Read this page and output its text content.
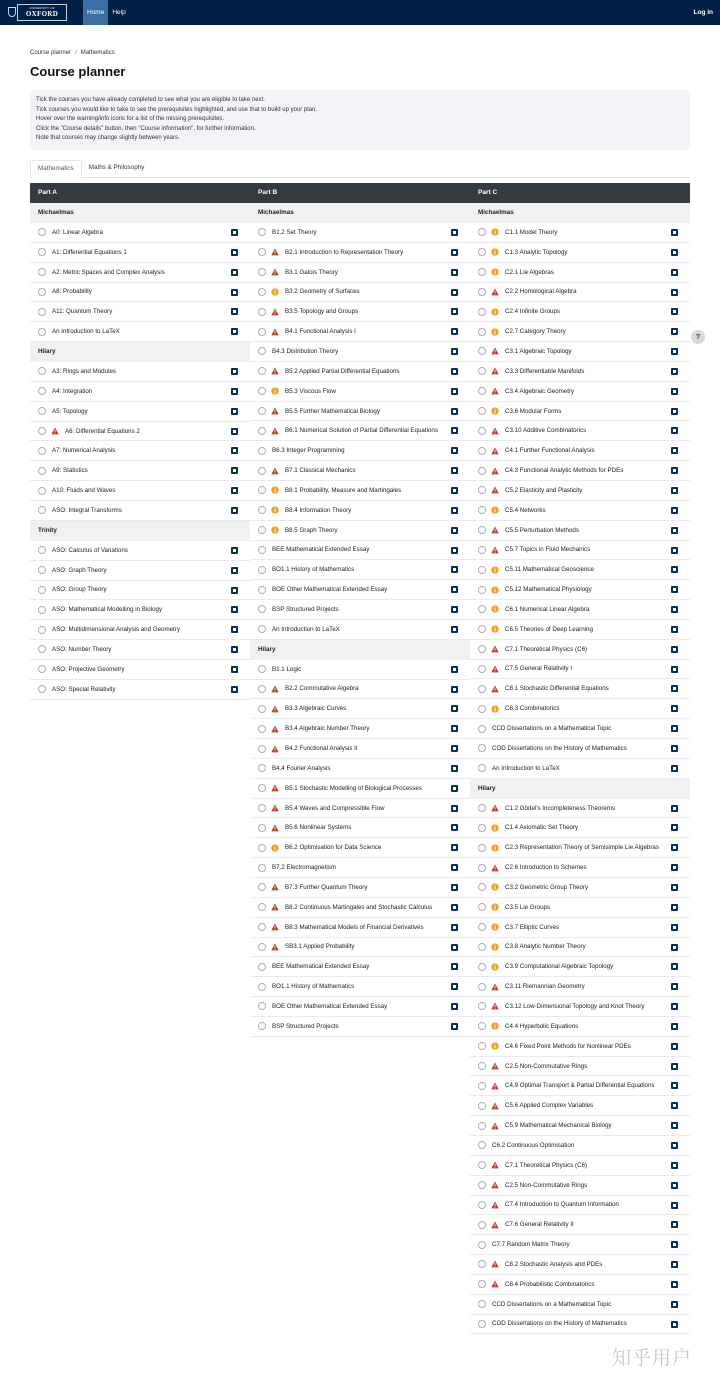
UNIVERSITY OF
OXFORD	Home	Help	Log in
Course planner / Mathematics
Course planner
Tick the courses you have already completed to see what you are eligible to take next.
Tick courses you would like to take to see the prerequisites highlighted, and use that to build up your plan.
Hover over the warning/info icons for a list of the missing prerequisites.
Click the "Course details" button, then "Course information", for further information.
Note that courses may change slightly between years.
Mathematics	Maths & Philosophy
Part A	Part B	Part C
Michaelmas
A0: Linear Algebra
A1: Differential Equations 1
A2: Metric Spaces and Complex Analysis
A8: Probability
A11: Quantum Theory
An Introduction to LaTeX
Hilary
A3: Rings and Modules
A4: Integration
A5: Topology
A6: Differential Equations 2
A7: Numerical Analysis
A9: Statistics
A10: Fluids and Waves
ASO: Integral Transforms
Trinity
ASO: Calculus of Variations
ASO: Graph Theory
ASO: Group Theory
ASO: Mathematical Modelling in Biology
ASO: Multidimensional Analysis and Geometry
ASO: Number Theory
ASO: Projective Geometry
ASO: Special Relativity
Michaelmas
B1.2 Set Theory
B2.1 Introduction to Representation Theory
B3.1 Galois Theory
B3.2 Geometry of Surfaces
B3.5 Topology and Groups
B4.1 Functional Analysis I
B4.3 Distribution Theory
B5.2 Applied Partial Differential Equations
B5.3 Viscous Flow
B5.5 Further Mathematical Biology
B6.1 Numerical Solution of Partial Differential Equations
B6.3 Integer Programming
B7.1 Classical Mechanics
B8.1 Probability, Measure and Martingales
B8.4 Information Theory
B8.5 Graph Theory
BEE Mathematical Extended Essay
BO1.1 History of Mathematics
BOE Other Mathematical Extended Essay
BSP Structured Projects
An Introduction to LaTeX
Hilary
B1.1 Logic
B2.2 Commutative Algebra
B3.3 Algebraic Curves
B3.4 Algebraic Number Theory
B4.2 Functional Analysis II
B4.4 Fourier Analysis
B5.1 Stochastic Modelling of Biological Processes
B5.4 Waves and Compressible Flow
B5.6 Nonlinear Systems
B6.2 Optimisation for Data Science
B7.2 Electromagnetism
B7.3 Further Quantum Theory
B8.2 Continuous Martingales and Stochastic Calculus
B8.3 Mathematical Models of Financial Derivatives
SB3.1 Applied Probability
BEE Mathematical Extended Essay
BO1.1 History of Mathematics
BOE Other Mathematical Extended Essay
BSP Structured Projects
Michaelmas
C1.1 Model Theory
C1.3 Analytic Topology
C2.1 Lie Algebras
C2.2 Homological Algebra
C2.4 Infinite Groups
C2.7 Category Theory
C3.1 Algebraic Topology
C3.3 Differentiable Manifolds
C3.4 Algebraic Geometry
C3.6 Modular Forms
C3.10 Additive Combinatorics
C4.1 Further Functional Analysis
C4.3 Functional Analytic Methods for PDEs
C5.2 Elasticity and Plasticity
C5.4 Networks
C5.5 Perturbation Methods
C5.7 Topics in Fluid Mechanics
C5.11 Mathematical Geoscience
C5.12 Mathematical Physiology
C6.1 Numerical Linear Algebra
C6.5 Theories of Deep Learning
C7.1 Theoretical Physics (C6)
C7.5 General Relativity I
C8.1 Stochastic Differential Equations
C8.3 Combinatorics
CCD Dissertations on a Mathematical Topic
COD Dissertations on the History of Mathematics
An Introduction to LaTeX
Hilary
C1.2 Gödel's Incompleteness Theorems
C1.4 Axiomatic Set Theory
C2.3 Representation Theory of Semisimple Lie Algebras
C2.6 Introduction to Schemes
C3.2 Geometric Group Theory
C3.5 Lie Groups
C3.7 Elliptic Curves
C3.8 Analytic Number Theory
C3.9 Computational Algebraic Topology
C3.11 Riemannian Geometry
C3.12 Low-Dimensional Topology and Knot Theory
C4.4 Hyperbolic Equations
C4.6 Fixed Point Methods for Nonlinear PDEs
C2.5 Non-Commutative Rings
C4.9 Optimal Transport & Partial Differential Equations
C5.6 Applied Complex Variables
C5.9 Mathematical Mechanical Biology
C6.2 Continuous Optimisation
C7.1 Theoretical Physics (C6)
C2.5 Non-Commutative Rings
C7.4 Introduction to Quantum Information
C7.6 General Relativity II
C7.7 Random Matrix Theory
C8.2 Stochastic Analysis and PDEs
C8.4 Probabilistic Combinatorics
CCD Dissertations on a Mathematical Topic
COD Dissertations on the History of Mathematics
?
知乎用户
